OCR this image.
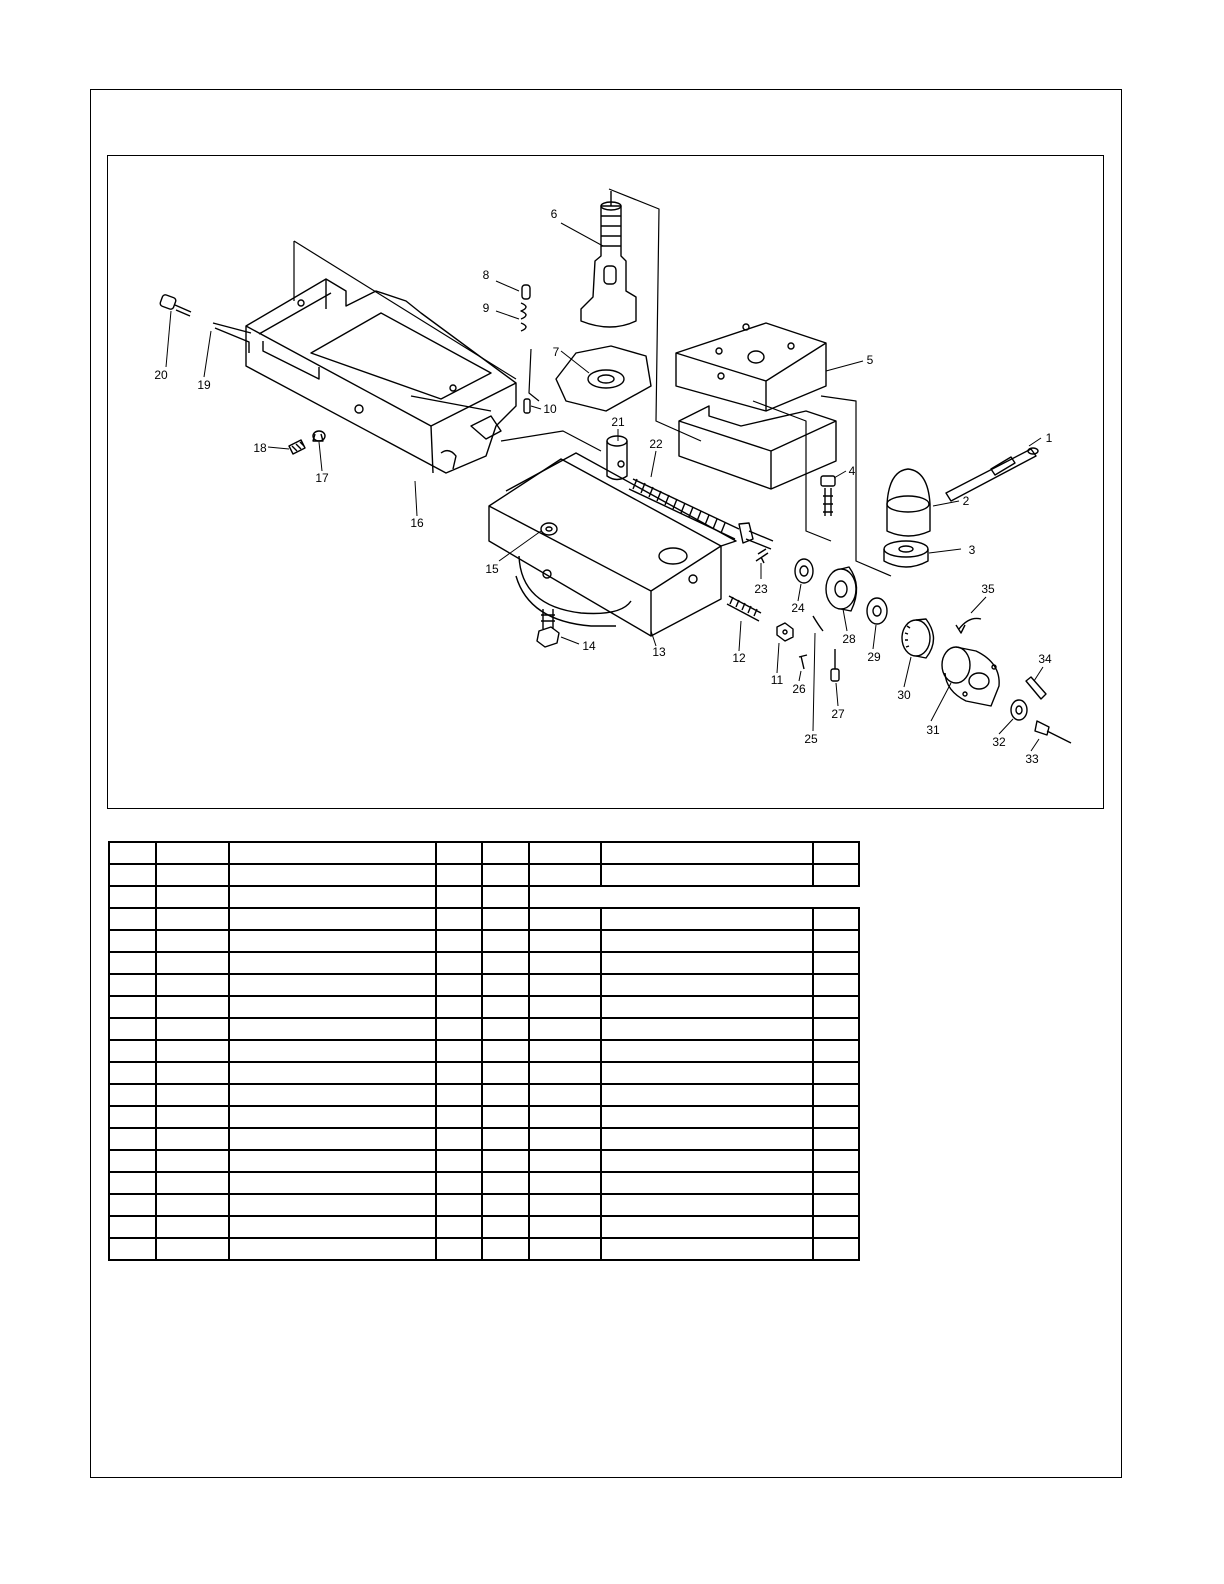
1
2
3
4
5
6
7
8
9
10
11
12
13
14
15
16
17
18
19
20
21
22
23
24
25
26
27
28
29
30
31
32
33
34
35
